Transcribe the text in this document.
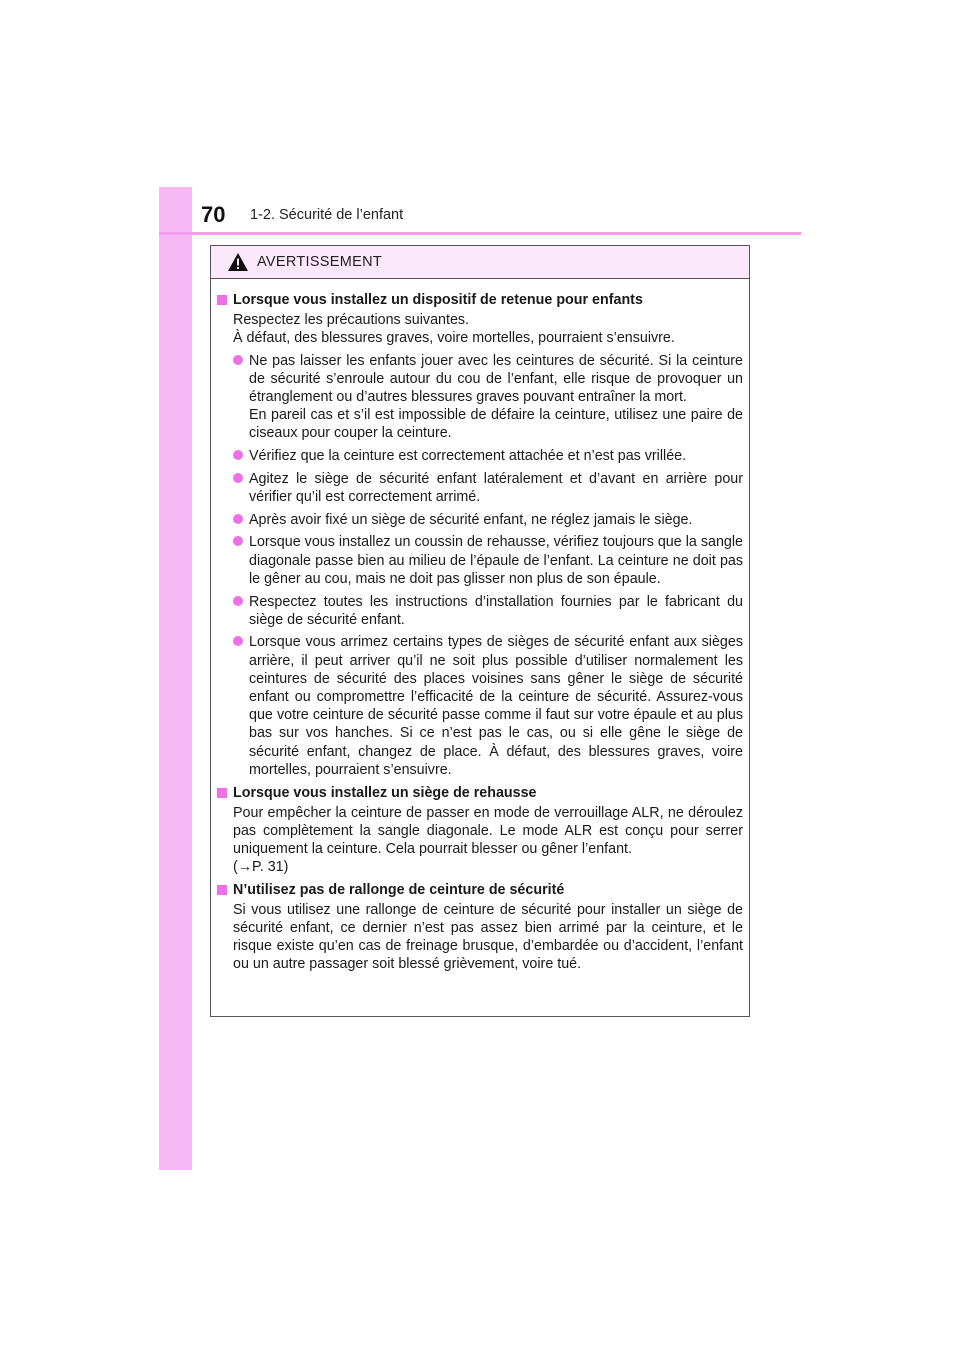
70 1-2. Sécurité de l’enfant
AVERTISSEMENT
Lorsque vous installez un dispositif de retenue pour enfants

Respectez les précautions suivantes.

À défaut, des blessures graves, voire mortelles, pourraient s’ensuivre.

Ne pas laisser les enfants jouer avec les ceintures de sécurité. Si la ceinture de sécurité s’enroule autour du cou de l’enfant, elle risque de provoquer un étranglement ou d’autres blessures graves pouvant entraîner la mort.

En pareil cas et s’il est impossible de défaire la ceinture, utilisez une paire de ciseaux pour couper la ceinture.

Vérifiez que la ceinture est correctement attachée et n’est pas vrillée.

Agitez le siège de sécurité enfant latéralement et d’avant en arrière pour vérifier qu’il est correctement arrimé.

Après avoir fixé un siège de sécurité enfant, ne réglez jamais le siège.

Lorsque vous installez un coussin de rehausse, vérifiez toujours que la sangle diagonale passe bien au milieu de l’épaule de l’enfant. La ceinture ne doit pas le gêner au cou, mais ne doit pas glisser non plus de son épaule.

Respectez toutes les instructions d’installation fournies par le fabricant du siège de sécurité enfant.

Lorsque vous arrimez certains types de sièges de sécurité enfant aux sièges arrière, il peut arriver qu’il ne soit plus possible d’utiliser normalement les ceintures de sécurité des places voisines sans gêner le siège de sécurité enfant ou compromettre l’efficacité de la ceinture de sécurité. Assurez-vous que votre ceinture de sécurité passe comme il faut sur votre épaule et au plus bas sur vos hanches. Si ce n’est pas le cas, ou si elle gêne le siège de sécurité enfant, changez de place. À défaut, des blessures graves, voire mortelles, pourraient s’ensuivre.

Lorsque vous installez un siège de rehausse

Pour empêcher la ceinture de passer en mode de verrouillage ALR, ne déroulez pas complètement la sangle diagonale. Le mode ALR est conçu pour serrer uniquement la ceinture. Cela pourrait blesser ou gêner l’enfant.

(→P. 31)

N’utilisez pas de rallonge de ceinture de sécurité

Si vous utilisez une rallonge de ceinture de sécurité pour installer un siège de sécurité enfant, ce dernier n’est pas assez bien arrimé par la ceinture, et le risque existe qu’en cas de freinage brusque, d’embardée ou d’accident, l’enfant ou un autre passager soit blessé grièvement, voire tué.
